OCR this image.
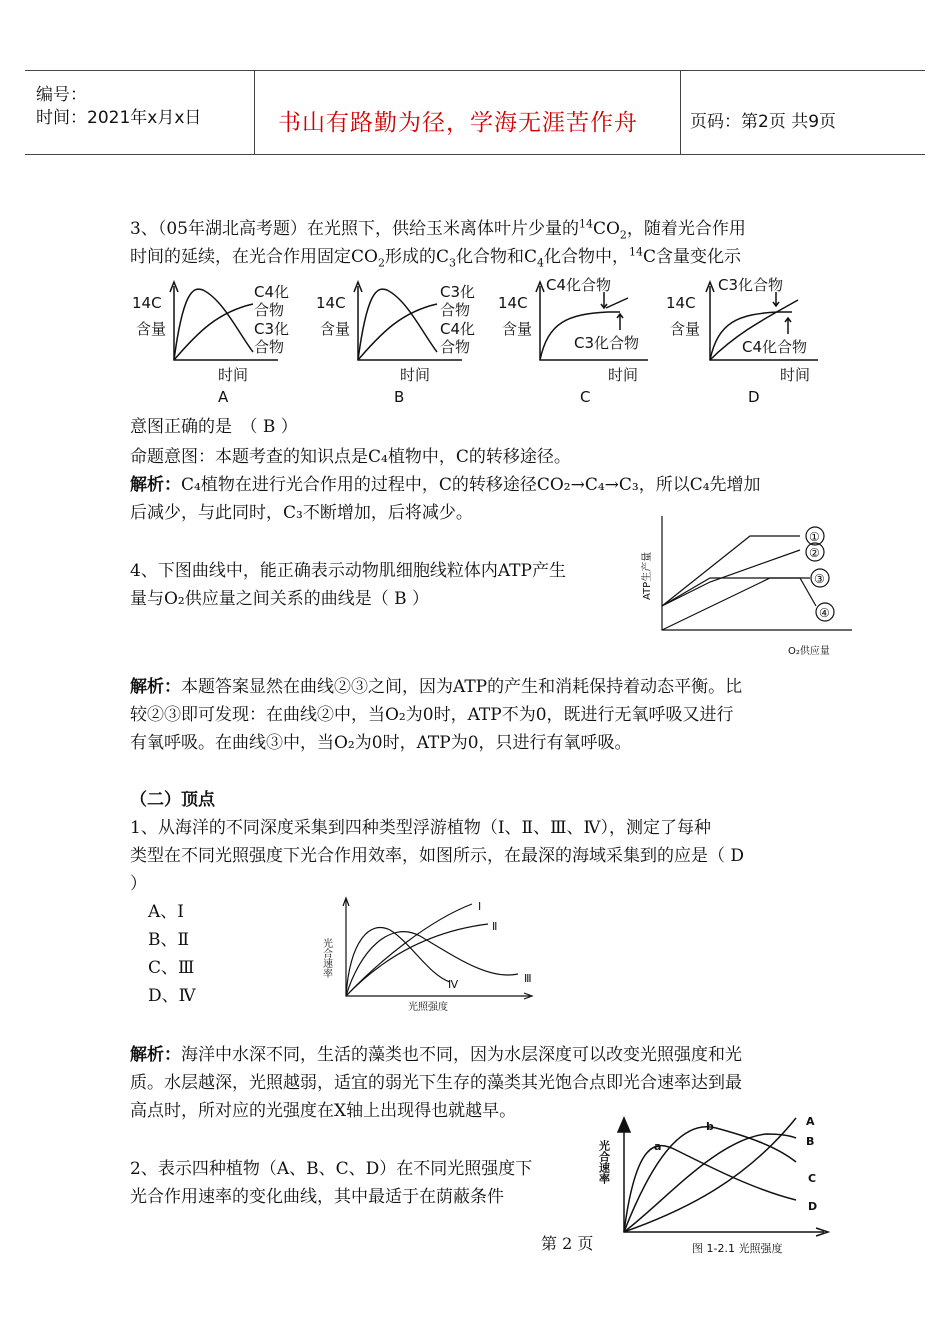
编号：
时间：2021年x月x日	书山有路勤为径，学海无涯苦作舟	页码：第2页 共9页
3、（05年湖北高考题）在光照下，供给玉米离体叶片少量的$^{14}CO_2$，随着光合作用
时间的延续，在光合作用固定$CO_2$形成的$C_3$化合物和$C_4$化合物中，$^{14}$C含量变化示
14C
含量
C4化
合物
C3化
合物
时间
A
14C
含量
C3化
合物
C4化
合物
时间
B
14C
含量
C4化合物
C3化合物
时间
C
14C
含量
C3化合物
C4化合物
时间
D
意图正确的是　（ B ）
命题意图：本题考查的知识点是C₄植物中，C的转移途径。
解析：C₄植物在进行光合作用的过程中，C的转移途径CO₂→C₄→C₃，所以C₄先增加
后减少，与此同时，C₃不断增加，后将减少。
4、下图曲线中，能正确表示动物肌细胞线粒体内ATP产生
量与O₂供应量之间关系的曲线是（ B ）
①
②
③
④
O₂供应量
ATP生产量
解析：本题答案显然在曲线②③之间，因为ATP的产生和消耗保持着动态平衡。比
较②③即可发现：在曲线②中，当O₂为0时，ATP不为0，既进行无氧呼吸又进行
有氧呼吸。在曲线③中，当O₂为0时，ATP为0，只进行有氧呼吸。
（二）顶点
1、从海洋的不同深度采集到四种类型浮游植物（Ⅰ、Ⅱ、Ⅲ、Ⅳ），测定了每种
类型在不同光照强度下光合作用效率，如图所示，在最深的海域采集到的应是（ D
）
A、Ⅰ
B、Ⅱ
C、Ⅲ
D、Ⅳ
Ⅰ
Ⅱ
Ⅲ
Ⅳ
光照强度
光合速率
解析：海洋中水深不同，生活的藻类也不同，因为水层深度可以改变光照强度和光
质。水层越深，光照越弱，适宜的弱光下生存的藻类其光饱合点即光合速率达到最
高点时，所对应的光强度在X轴上出现得也就越早。
2、表示四种植物（A、B、C、D）在不同光照强度下
光合作用速率的变化曲线，其中最适于在荫蔽条件
A
B
C
D
a
b
图 1-2.1 光照强度
光合速率
第 2 页
